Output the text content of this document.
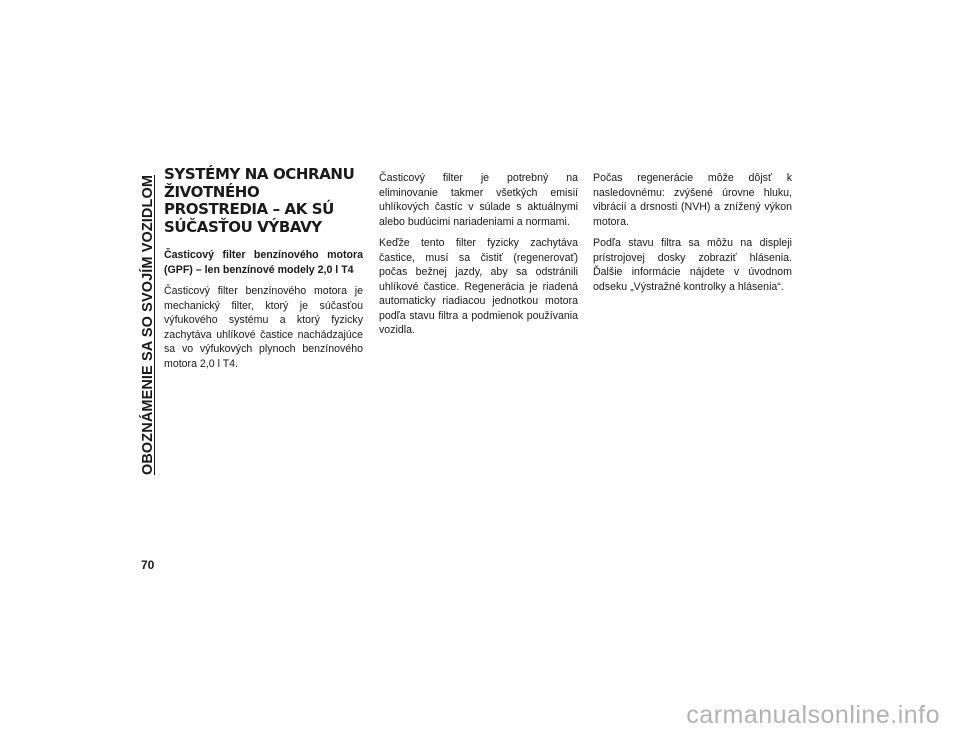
OBOZNÁMENIE SA SO SVOJÍM VOZIDLOM
SYSTÉMY NA OCHRANU ŽIVOTNÉHO PROSTREDIA – AK SÚ SÚČASŤOU VÝBAVY

Časticový filter benzínového motora (GPF) – len benzínové modely 2,0 l T4

Časticový filter benzínového motora je mechanický filter, ktorý je súčasťou výfukového systému a ktorý fyzicky zachytáva uhlíkové častice nachádzajúce sa vo výfukových plynoch benzínového motora 2,0 l T4.

Časticový filter je potrebný na eliminovanie takmer všetkých emisií uhlíkových častíc v súlade s aktuálnymi alebo budúcimi nariadeniami a normami.

Keďže tento filter fyzicky zachytáva častice, musí sa čistiť (regenerovať) počas bežnej jazdy, aby sa odstránili uhlíkové častice. Regenerácia je riadená automaticky riadiacou jednotkou motora podľa stavu filtra a podmienok používania vozidla.

Počas regenerácie môže dôjsť k nasledovnému: zvýšené úrovne hluku, vibrácií a drsnosti (NVH) a znížený výkon motora.

Podľa stavu filtra sa môžu na displeji prístrojovej dosky zobraziť hlásenia. Ďalšie informácie nájdete v úvodnom odseku „Výstražné kontrolky a hlásenia“.

70
carmanualsonline.info
